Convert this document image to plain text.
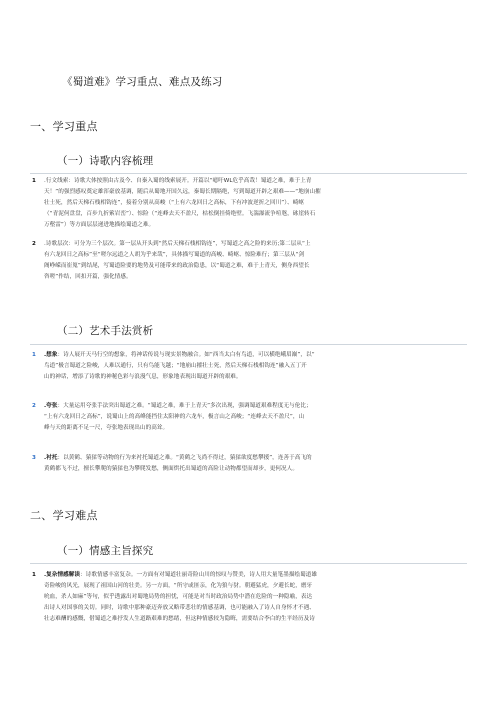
《蜀道难》学习重点、难点及练习
一、学习重点
（一）诗歌内容梳理
1 .行文线索：诗歌大体按照由古及今、自秦入蜀的线索展开。开篇以“噫吁WL危乎高哉！蜀道之难，难于上青
天！”的强烈感叹奠定雄浑豪放基调，随后从蜀地开国久远，秦蜀长期隔绝，写到蜀道开辟之艰难——“地崩山摧
壮士死，然后天梯石栈相钩连”，接着分别从高峻（“上有六龙回日之高标，下有冲波逆折之回川”）、崎岖
（“青泥何盘盘，百步九折萦岩峦”）、惊险（“连峰去天不盈尺，枯松倒挂倚绝壁。飞湍瀑流争喧豗，砯崖转石
万壑雷”）等方面层层递进地描绘蜀道之难。
2 .诗歌层次：可分为三个层次。第一层从开头到“然后天梯石栈相钩连”，写蜀道之高之险的来历;第二层从“上
有六龙回日之高标”至“嗟尔远道之人胡为乎来哉”，具体描写蜀道的高峻、崎岖、惊险难行；第三层从“剑
阁峥嵘而崔嵬”到结尾，写蜀道险要的地势及可能带来的政治隐患，以“蜀道之难，难于上青天，侧身西望长
咨嗟”作结，回扣开篇，强化情感。
（二）艺术手法赏析
1 .想象：诗人展开天马行空的想象，将神话传说与现实景物融合。如“西当太白有鸟道，可以横绝峨眉巅”，以“
鸟道”极言蜀道之险峻，人难以通行，只有鸟能飞越；“地崩山摧壮士死，然后天梯石栈相钩连”融入五丁开
山的神话，增添了诗歌的神秘色彩与浪漫气息，形象地表现出蜀道开辟的艰难。
2 .夸张：大量运用夸张手法突出蜀道之难。“蜀道之难，难于上青天”多次出现，强调蜀道艰难程度无与伦比；
“上有六龙回日之高标”，说蜀山上的高峰能挡住太阳神的六龙车，极言山之高峻；“连峰去天不盈尺”，山
峰与天的距离不足一尺，夸张地表现出山的高耸。
3 .衬托：以黄鹤、猿猱等动物的行为来衬托蜀道之难。“黄鹤之飞尚不得过，猿猱欲度愁攀援”，连善于高飞的
黄鹤都飞不过，擅长攀爬的猿猱也为攀爬发愁，侧面烘托出蜀道的高险让动物都望而却步，更何况人。
二、学习难点
（一）情感主旨探究
1 .复杂情感解读：诗歌情感丰富复杂。一方面有对蜀道壮丽奇险山川的惊叹与赞美，诗人用大量笔墨描绘蜀道雄
奇险峻的风光，展现了祖国山河的壮美。另一方面，“所守或匪亲，化为狼与豺。朝避猛虎，夕避长蛇，磨牙
吮血，杀人如麻”等句，似乎透露出对蜀地局势的担忧，可能是对当时政治局势中潜在危险的一种隐喻，表达
出诗人对国事的关切。同时，诗歌中那种豪迈奔放又略带悲壮的情感基调，也可能融入了诗人自身怀才不遇、
壮志难酬的感慨，借蜀道之难抒发人生道路艰难的愁绪，但这种情感较为隐晦，需要结合李白的生平经历及诗
